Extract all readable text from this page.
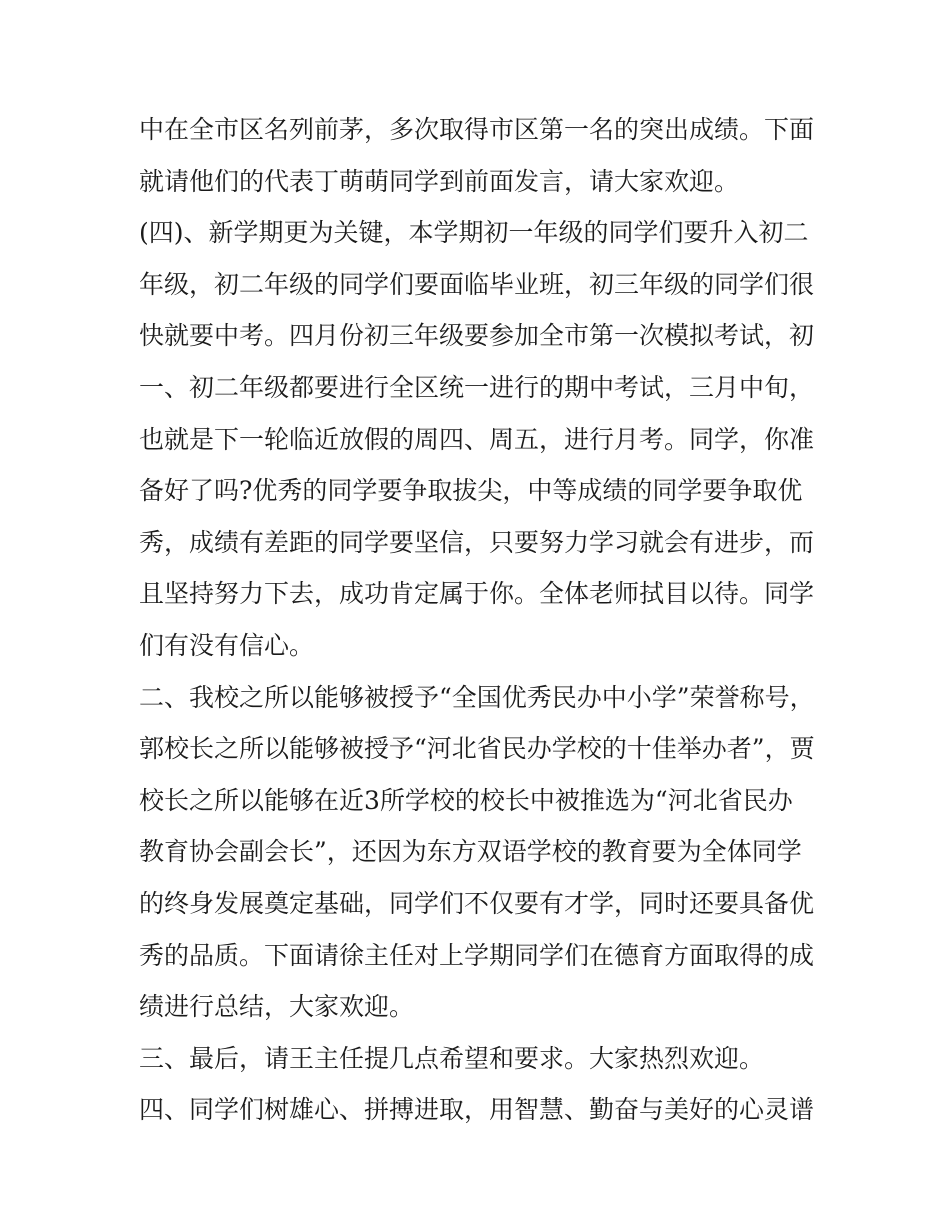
中在全市区名列前茅，多次取得市区第一名的突出成绩。下面
就请他们的代表丁萌萌同学到前面发言，请大家欢迎。
(四)、新学期更为关键，本学期初一年级的同学们要升入初二
年级，初二年级的同学们要面临毕业班，初三年级的同学们很
快就要中考。四月份初三年级要参加全市第一次模拟考试，初
一、初二年级都要进行全区统一进行的期中考试，三月中旬，
也就是下一轮临近放假的周四、周五，进行月考。同学，你准
备好了吗?优秀的同学要争取拔尖，中等成绩的同学要争取优
秀，成绩有差距的同学要坚信，只要努力学习就会有进步，而
且坚持努力下去，成功肯定属于你。全体老师拭目以待。同学
们有没有信心。
二、我校之所以能够被授予“全国优秀民办中小学”荣誉称号，
郭校长之所以能够被授予“河北省民办学校的十佳举办者”，贾
校长之所以能够在近3所学校的校长中被推选为“河北省民办
教育协会副会长”，还因为东方双语学校的教育要为全体同学
的终身发展奠定基础，同学们不仅要有才学，同时还要具备优
秀的品质。下面请徐主任对上学期同学们在德育方面取得的成
绩进行总结，大家欢迎。
三、最后，请王主任提几点希望和要求。大家热烈欢迎。
四、同学们树雄心、拼搏进取，用智慧、勤奋与美好的心灵谱
